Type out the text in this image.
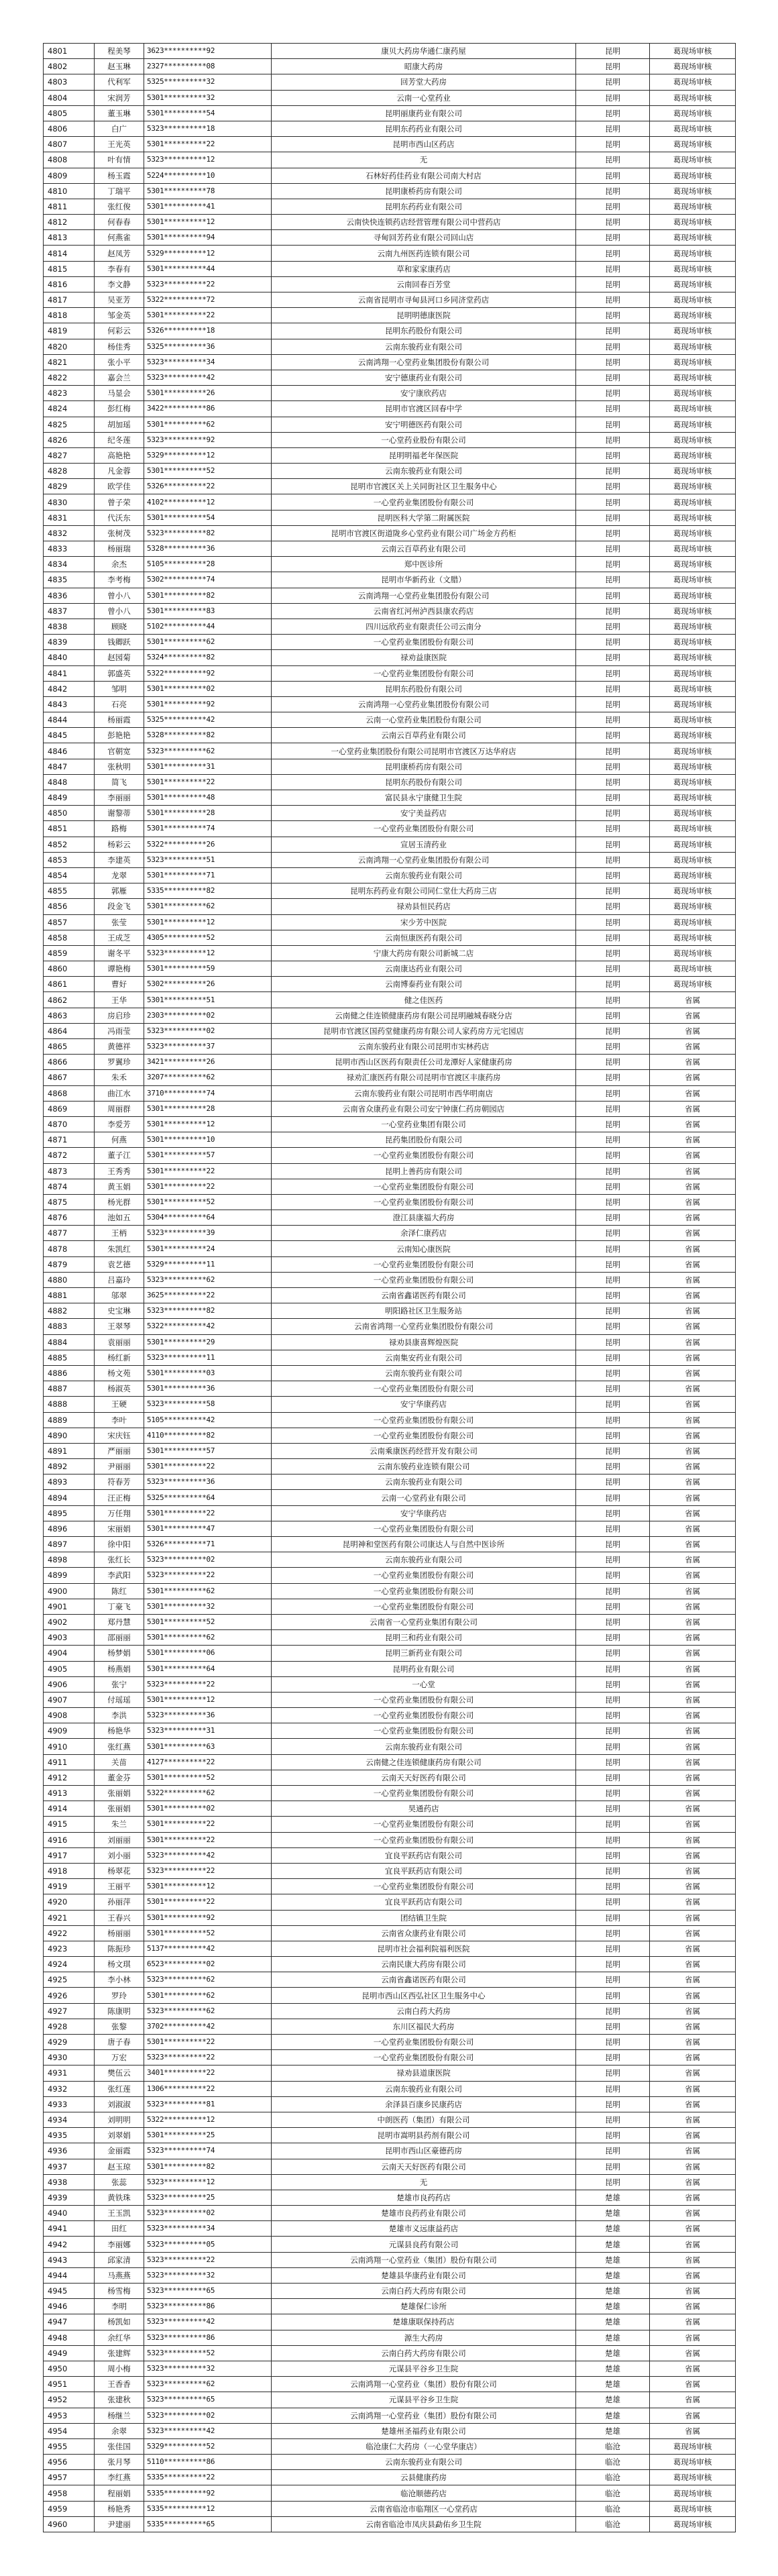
4801	程美琴	3623**********92	康贝大药房华通仁康药屋	昆明	葛现场审核
4802	赵玉琳	2327**********08	昭康大药房	昆明	葛现场审核
4803	代利军	5325**********32	回芳堂大药房	昆明	葛现场审核
4804	宋润芳	5301**********32	云南一心堂药业	昆明	葛现场审核
4805	董玉琳	5301**********54	昆明丽康药业有限公司	昆明	葛现场审核
4806	白广	5323**********18	昆明东药药业有限公司	昆明	葛现场审核
4807	王光英	5301**********22	昆明市西山区药店	昆明	葛现场审核
4808	叶有情	5323**********12	无	昆明	葛现场审核
4809	杨玉霞	5224**********10	石林好药佳药业有限公司南大村店	昆明	葛现场审核
4810	丁瑞平	5301**********78	昆明康桥药房有限公司	昆明	葛现场审核
4811	张红俊	5301**********41	昆明东药药业有限公司	昆明	葛现场审核
4812	何春春	5301**********12	云南快快连锁药店经营管理有限公司中营药店	昆明	葛现场审核
4813	何燕雀	5301**********94	寻甸回芳药业有限公司回山店	昆明	葛现场审核
4814	赵凤芳	5329**********12	云南九州医药连锁有限公司	昆明	葛现场审核
4815	李春有	5301**********44	草和家家康药店	昆明	葛现场审核
4816	李文静	5323**********22	云南回春百芳堂	昆明	葛现场审核
4817	吴亚芳	5322**********72	云南省昆明市寻甸县河口乡同济堂药店	昆明	葛现场审核
4818	邹金英	5301**********22	昆明明德康医院	昆明	葛现场审核
4819	何彩云	5326**********18	昆明东药股份有限公司	昆明	葛现场审核
4820	杨佳秀	5325**********36	云南东骏药业有限公司	昆明	葛现场审核
4821	张小平	5323**********34	云南鸿翔一心堂药业集团股份有限公司	昆明	葛现场审核
4822	嘉会兰	5323**********42	安宁德康药业有限公司	昆明	葛现场审核
4823	马显会	5301**********26	安宁康欣药店	昆明	葛现场审核
4824	彭红梅	3422**********86	昆明市官渡区回春中学	昆明	葛现场审核
4825	胡加瑶	5301**********62	安宁明德医药有限公司	昆明	葛现场审核
4826	纪冬莲	5323**********92	一心堂药业股份有限公司	昆明	葛现场审核
4827	高艳艳	5329**********12	昆明明福老年保医院	昆明	葛现场审核
4828	凡金蓉	5301**********52	云南东骏药业有限公司	昆明	葛现场审核
4829	欧学佳	5326**********22	昆明市官渡区关上关同街社区卫生服务中心	昆明	葛现场审核
4830	曾子荣	4102**********12	一心堂药业集团股份有限公司	昆明	葛现场审核
4831	代沃东	5301**********54	昆明医科大学第二附属医院	昆明	葛现场审核
4832	张树茂	5323**********82	昆明市官渡区街道陇乡心堂药业有限公司广场金方药柜	昆明	葛现场审核
4833	杨丽瑞	5328**********36	云南云百草药业有限公司	昆明	葛现场审核
4834	余杰	5105**********28	郑中医诊所	昆明	葛现场审核
4835	李考梅	5302**********74	昆明市华新药业（文腊）	昆明	葛现场审核
4836	曾小八	5301**********82	云南鸿翔一心堂药业集团股份有限公司	昆明	葛现场审核
4837	曾小八	5301**********83	云南省红河州泸西县康农药店	昆明	葛现场审核
4838	顾晓	5102**********44	四川远欣药业有限责任公司云南分	昆明	葛现场审核
4839	钱卿跃	5301**********62	一心堂药业集团股份有限公司	昆明	葛现场审核
4840	赵园菊	5324**********82	禄劝益康医院	昆明	葛现场审核
4841	郭盛英	5322**********92	一心堂药业集团股份有限公司	昆明	葛现场审核
4842	邹明	5301**********02	昆明东药股份有限公司	昆明	葛现场审核
4843	石亮	5301**********92	云南鸿翔一心堂药业集团股份有限公司	昆明	葛现场审核
4844	杨丽霞	5325**********42	云南一心堂药业集团股份有限公司	昆明	葛现场审核
4845	彭艳艳	5328**********82	云南云百草药业有限公司	昆明	葛现场审核
4846	官朝宽	5323**********62	一心堂药业集团股份有限公司昆明市官渡区万达华府店	昆明	葛现场审核
4847	张秋明	5301**********31	昆明康桥药房有限公司	昆明	葛现场审核
4848	简飞	5301**********22	昆明东药股份有限公司	昆明	葛现场审核
4849	李丽丽	5301**********48	富民县永宁康健卫生院	昆明	葛现场审核
4850	谢黎蒂	5301**********28	安宁美益药店	昆明	葛现场审核
4851	路梅	5301**********74	一心堂药业集团股份有限公司	昆明	葛现场审核
4852	杨彩云	5322**********26	宣居玉清药业	昆明	葛现场审核
4853	李建英	5323**********51	云南鸿翔一心堂药业集团股份有限公司	昆明	葛现场审核
4854	龙翠	5301**********71	云南东骏药业有限公司	昆明	葛现场审核
4855	郭雁	5335**********82	昆明东药药业有限公司同仁堂仕大药房三店	昆明	葛现场审核
4856	段金飞	5301**********62	禄劝县恒民药店	昆明	葛现场审核
4857	张莹	5301**********12	宋少芳中医院	昆明	葛现场审核
4858	王成芝	4305**********52	云南恒康医药有限公司	昆明	葛现场审核
4859	谢冬平	5323**********12	宁康大药房有限公司新城二店	昆明	葛现场审核
4860	谭艳梅	5301**********59	云南康达药业有限公司	昆明	葛现场审核
4861	曹好	5302**********26	云南博泰药业有限公司	昆明	葛现场审核
4862	王华	5301**********51	健之佳医药	昆明	省属
4863	房启珍	2303**********02	云南健之佳连锁健康药房有限公司昆明融城春晓分店	昆明	省属
4864	冯雨莹	5323**********02	昆明市官渡区国药堂健康药房有限公司人家药房方元宅园店	昆明	省属
4865	黄德祥	5323**********37	云南东骏药业有限公司昆明市实林药店	昆明	省属
4866	罗翼珍	3421**********26	昆明市西山区医药有限责任公司龙潭好人家健康药房	昆明	省属
4867	朱禾	3207**********62	禄劝汇康医药有限公司昆明市官渡区丰康药房	昆明	省属
4868	曲江水	3710**********74	云南东骏药业有限公司昆明市西华明南店	昆明	省属
4869	周丽群	5301**********28	云南省众康药业有限公司安宁钟康仁药房朝园店	昆明	省属
4870	李爱芳	5301**********12	一心堂药业集团有限公司	昆明	省属
4871	何燕	5301**********10	昆药集团股份有限公司	昆明	省属
4872	董子江	5301**********57	一心堂药业集团股份有限公司	昆明	省属
4873	王秀秀	5301**********22	昆明上善药房有限公司	昆明	省属
4874	黄玉娟	5301**********22	一心堂药业集团股份有限公司	昆明	省属
4875	杨光群	5301**********52	一心堂药业集团股份有限公司	昆明	省属
4876	池如五	5304**********64	澄江县康福大药房	昆明	省属
4877	王柄	5323**********39	余泽仁康药店	昆明	省属
4878	朱凯红	5301**********24	云南知心康医院	昆明	省属
4879	袁艺德	5329**********11	一心堂药业集团股份有限公司	昆明	省属
4880	吕嘉玲	5323**********62	一心堂药业集团股份有限公司	昆明	省属
4881	邬翠	3625**********22	云南省鑫诺医药有限公司	昆明	省属
4882	史宝琳	5323**********82	明阳路社区卫生服务站	昆明	省属
4883	王翠琴	5322**********42	云南省鸿翔一心堂药业集团股份有限公司	昆明	省属
4884	袁丽丽	5301**********29	禄劝县康喜辉煌医院	昆明	省属
4885	杨红新	5323**********11	云南集安药业有限公司	昆明	省属
4886	杨文苑	5301**********03	云南东骏药业有限公司	昆明	省属
4887	杨淑英	5301**********36	一心堂药业集团股份有限公司	昆明	省属
4888	王硬	5323**********58	安宁华康药店	昆明	省属
4889	李叶	5105**********42	一心堂药业集团股份有限公司	昆明	省属
4890	宋庆钰	4110**********82	一心堂药业集团股份有限公司	昆明	省属
4891	严丽丽	5301**********57	云南乘康医药经营开发有限公司	昆明	省属
4892	尹丽丽	5301**********22	云南东骏药业连锁有限公司	昆明	省属
4893	符春芳	5323**********36	云南东骏药业有限公司	昆明	省属
4894	汪正梅	5325**********64	云南一心堂药业有限公司	昆明	省属
4895	万任翔	5301**********22	安宁华康药店	昆明	省属
4896	宋丽娟	5301**********47	一心堂药业集团股份有限公司	昆明	省属
4897	徐中阳	5326**********71	昆明神和堂医药有限公司康达人与自然中医诊所	昆明	省属
4898	张红长	5323**********02	云南东骏药业有限公司	昆明	省属
4899	李武阳	5323**********22	一心堂药业集团股份有限公司	昆明	省属
4900	陈红	5301**********62	一心堂药业集团股份有限公司	昆明	省属
4901	丁豪飞	5301**********32	一心堂药业集团股份有限公司	昆明	省属
4902	郑丹慧	5301**********52	云南省一心堂药业集团有限公司	昆明	省属
4903	邵丽丽	5301**********62	昆明三和药业有限公司	昆明	省属
4904	杨梦娟	5301**********06	昆明三新药业有限公司	昆明	省属
4905	杨燕娟	5301**********64	昆明药业有限公司	昆明	省属
4906	张宁	5323**********22	一心堂	昆明	省属
4907	付瑶瑶	5301**********12	一心堂药业集团股份有限公司	昆明	省属
4908	李洪	5323**********36	一心堂药业集团股份有限公司	昆明	省属
4909	杨艳华	5323**********31	一心堂药业集团股份有限公司	昆明	省属
4910	张红燕	5301**********63	云南东骏药业有限公司	昆明	省属
4911	关苗	4127**********22	云南健之佳连锁健康药房有限公司	昆明	省属
4912	董金芬	5301**********52	云南天天好医药有限公司	昆明	省属
4913	张丽娟	5322**********62	一心堂药业集团股份有限公司	昆明	省属
4914	张丽娟	5301**********02	昊通药店	昆明	省属
4915	朱兰	5301**********22	一心堂药业集团股份有限公司	昆明	省属
4916	刘丽丽	5301**********22	一心堂药业集团股份有限公司	昆明	省属
4917	刘小丽	5323**********42	宜良平跃药店有限公司	昆明	省属
4918	杨翠花	5323**********22	宜良平跃药店有限公司	昆明	省属
4919	王丽平	5301**********12	一心堂药业集团股份有限公司	昆明	省属
4920	孙丽萍	5301**********22	宜良平跃药店有限公司	昆明	省属
4921	王春兴	5301**********92	团结镇卫生院	昆明	省属
4922	杨丽丽	5301**********52	云南省众康药业有限公司	昆明	省属
4923	陈振珍	5137**********42	昆明市社会福利院福利医院	昆明	省属
4924	杨文琪	6523**********02	云南民康大药房有限公司	昆明	省属
4925	李小林	5323**********62	云南省鑫诺医药有限公司	昆明	省属
4926	罗玲	5301**********62	昆明市西山区西弘社区卫生服务中心	昆明	省属
4927	陈康明	5323**********62	云南白药大药房	昆明	省属
4928	张黎	3702**********42	东川区福民大药房	昆明	省属
4929	唐子春	5301**********22	一心堂药业集团股份有限公司	昆明	省属
4930	万宏	5323**********22	一心堂药业集团股份有限公司	昆明	省属
4931	樊伍云	3401**********22	禄劝县道康医院	昆明	省属
4932	张红莲	1306**********22	云南东骏药业有限公司	昆明	省属
4933	刘淑淑	5323**********81	余泽县百康乡民康药店	昆明	省属
4934	刘明明	5322**********12	中朗医药（集团）有限公司	昆明	省属
4935	刘翠娟	5301**********25	昆明市嵩明县药剂有限公司	昆明	省属
4936	金丽霞	5323**********74	昆明市西山区豪德药房	昆明	省属
4937	赵玉琼	5301**********82	云南天天好医药有限公司	昆明	省属
4938	张蕊	5323**********12	无	昆明	省属
4939	黄铁珠	5323**********25	楚雄市良药药店	楚雄	省属
4940	王玉凯	5323**********02	楚雄市良药药业有限公司	楚雄	省属
4941	田红	5323**********34	楚雄市义远康益药店	楚雄	省属
4942	李丽娜	5323**********05	元谋县良药有限公司	楚雄	省属
4943	邱家清	5323**********22	云南鸿翔一心堂药业（集团）股份有限公司	楚雄	省属
4944	马燕燕	5323**********32	楚雄县华康药业有限公司	楚雄	省属
4945	杨雪梅	5323**********65	云南白药大药房有限公司	楚雄	省属
4946	李明	5323**********86	楚雄保仁诊所	楚雄	省属
4947	杨凯如	5323**********42	楚雄康联保持药店	楚雄	省属
4948	余红华	5323**********86	源生大药房	楚雄	省属
4949	张建辉	5323**********52	云南白药大药房有限公司	楚雄	省属
4950	周小梅	5323**********32	元谋县平谷乡卫生院	楚雄	省属
4951	王香香	5323**********62	云南鸿翔一心堂药业（集团）股份有限公司	楚雄	省属
4952	张建秋	5323**********65	元谋县平谷乡卫生院	楚雄	省属
4953	杨继兰	5323**********02	云南鸿翔一心堂药业（集团）股份有限公司	楚雄	省属
4954	余翠	5323**********42	楚雄州圣福药业有限公司	楚雄	省属
4955	张佳国	5329**********52	临沧康仁大药房（一心堂华康店）	临沧	葛现场审核
4956	张月琴	5110**********86	云南东骏药业有限公司	临沧	葛现场审核
4957	李红燕	5335**********22	云县健康药房	临沧	葛现场审核
4958	程丽娟	5335**********92	临沧顺德药店	临沧	葛现场审核
4959	杨艳秀	5335**********12	云南省临沧市临翔区一心堂药店	临沧	葛现场审核
4960	尹建丽	5335**********65	云南省临沧市凤庆县勐佑乡卫生院	临沧	葛现场审核
